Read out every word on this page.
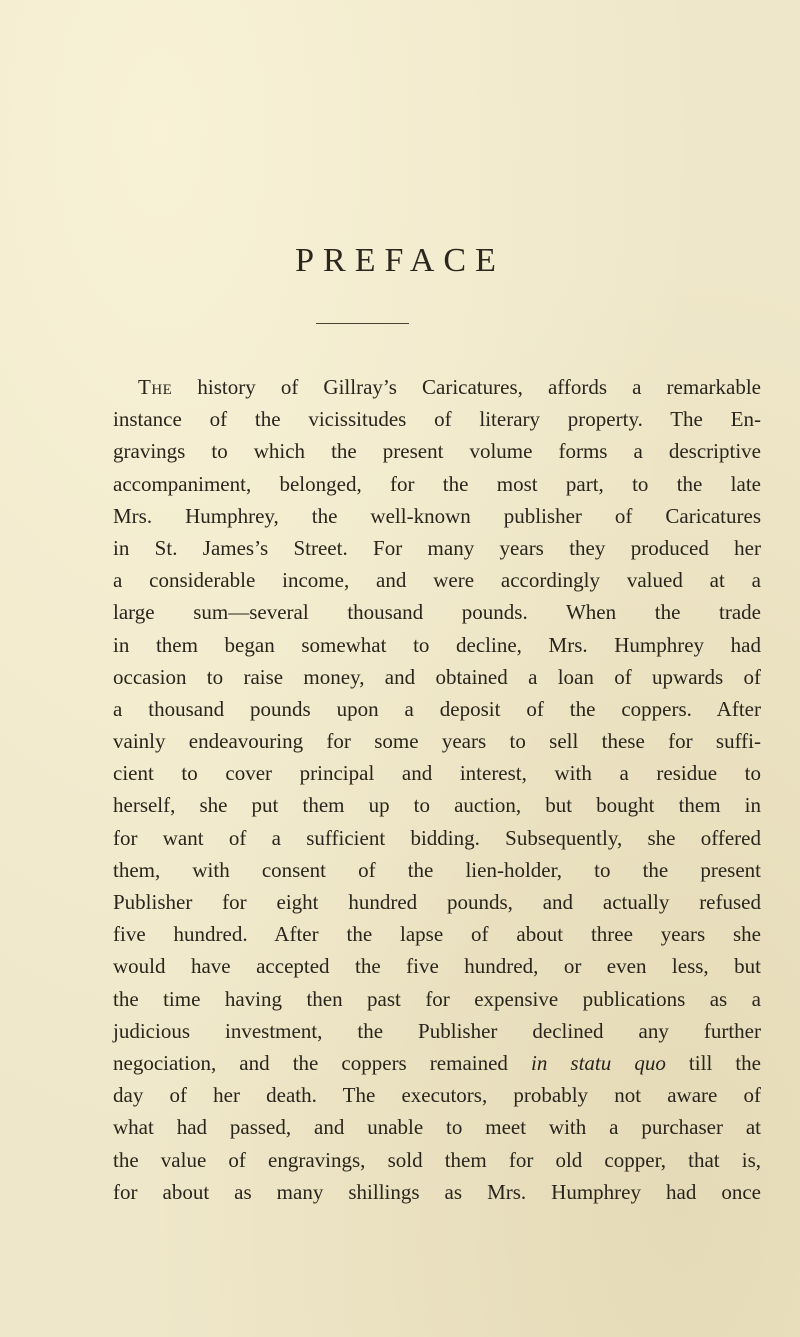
PREFACE
The history of Gillray’s Caricatures, affords a remarkable
instance of the vicissitudes of literary property. The En-
gravings to which the present volume forms a descriptive
accompaniment, belonged, for the most part, to the late
Mrs. Humphrey, the well-known publisher of Caricatures
in St. James’s Street. For many years they produced her
a considerable income, and were accordingly valued at a
large sum—several thousand pounds. When the trade
in them began somewhat to decline, Mrs. Humphrey had
occasion to raise money, and obtained a loan of upwards of
a thousand pounds upon a deposit of the coppers. After
vainly endeavouring for some years to sell these for suffi-
cient to cover principal and interest, with a residue to
herself, she put them up to auction, but bought them in
for want of a sufficient bidding. Subsequently, she offered
them, with consent of the lien-holder, to the present
Publisher for eight hundred pounds, and actually refused
five hundred. After the lapse of about three years she
would have accepted the five hundred, or even less, but
the time having then past for expensive publications as a
judicious investment, the Publisher declined any further
negociation, and the coppers remained in statu quo till the
day of her death. The executors, probably not aware of
what had passed, and unable to meet with a purchaser at
the value of engravings, sold them for old copper, that is,
for about as many shillings as Mrs. Humphrey had once
